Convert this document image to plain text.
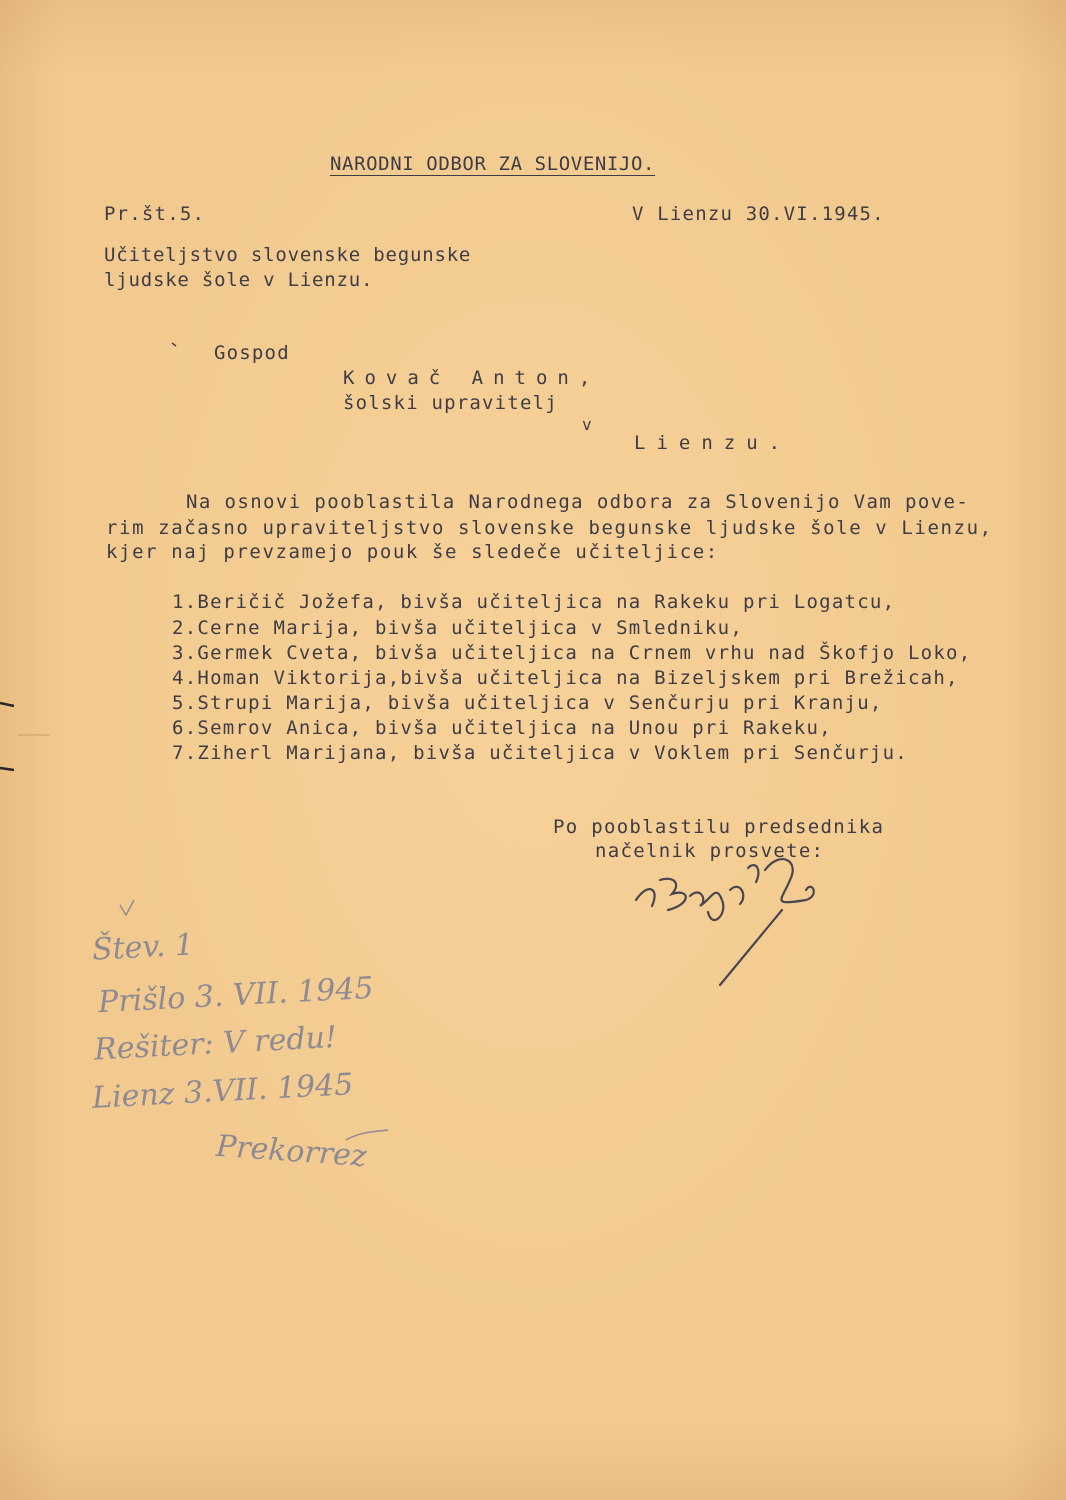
NARODNI ODBOR ZA SLOVENIJO.
Pr.št.5.	V Lienzu 30.VI.1945.
Učiteljstvo slovenske begunske
ljudske šole v Lienzu.
Gospod
Kovač Anton,
šolski upravitelj
v
Lienzu.
Na osnovi pooblastila Narodnega odbora za Slovenijo Vam pove-
rim začasno upraviteljstvo slovenske begunske ljudske šole v Lienzu,
kjer naj prevzamejo pouk še sledeče učiteljice:
1.Beričič Jožefa, bivša učiteljica na Rakeku pri Logatcu,
2.Cerne Marija, bivša učiteljica v Smledniku,
3.Germek Cveta, bivša učiteljica na Crnem vrhu nad Škofjo Loko,
4.Homan Viktorija,bivša učiteljica na Bizeljskem pri Brežicah,
5.Strupi Marija, bivša učiteljica v Senčurju pri Kranju,
6.Semrov Anica, bivša učiteljica na Unou pri Rakeku,
7.Ziherl Marijana, bivša učiteljica v Voklem pri Senčurju.
Po pooblastilu predsednika
načelnik prosvete:
Štev. 1
Prišlo 3. VII. 1945
Rešiter: V redu!
Lienz 3.VII. 1945
Prekorrez
